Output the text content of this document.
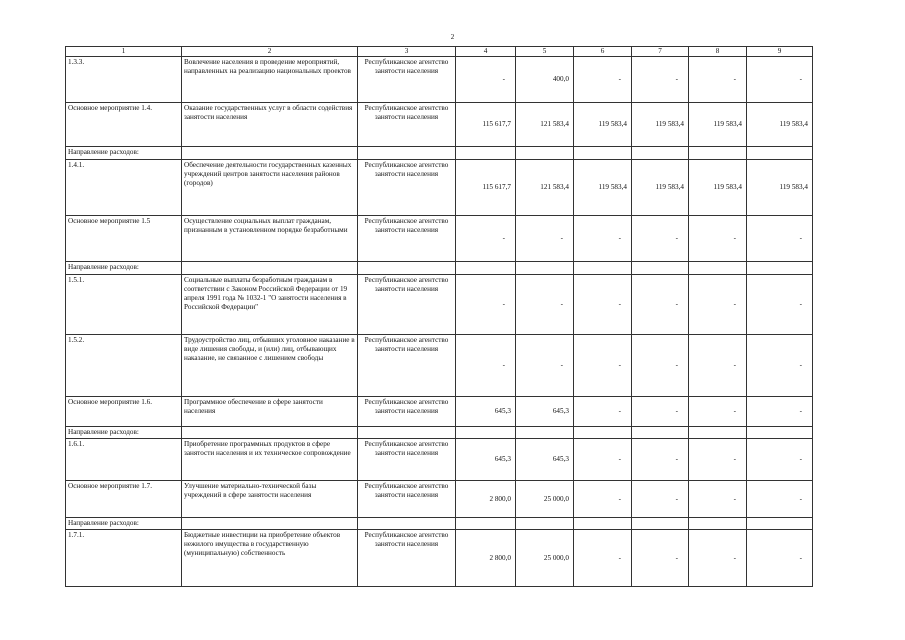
2
1	2	3	4	5	6	7	8	9
1.3.3.	Вовлечение населения в проведение мероприятий, направленных на реализацию национальных проектов	Республиканское агентство занятости населения	-	400,0	-	-	-	-
Основное мероприятие 1.4.	Оказание государственных услуг в области содействия занятости населения	Республиканское агентство занятости населения	115 617,7	121 583,4	119 583,4	119 583,4	119 583,4	119 583,4
Направление расходов:								
1.4.1.	Обеспечение деятельности государственных казенных учреждений центров занятости населения районов (городов)	Республиканское агентство занятости населения	115 617,7	121 583,4	119 583,4	119 583,4	119 583,4	119 583,4
Основное мероприятие 1.5	Осуществление социальных выплат гражданам, признанным в установленном порядке безработными	Республиканское агентство занятости населения	-	-	-	-	-	-
Направление расходов:								
1.5.1.	Социальные выплаты безработным гражданам в соответствии с Законом Российской Федерации от 19 апреля 1991 года № 1032-1 "О занятости населения в Российской Федерации"	Республиканское агентство занятости населения	-	-	-	-	-	-
1.5.2.	Трудоустройство лиц, отбывших уголовное наказание в виде лишения свободы, и (или) лиц, отбывающих наказание, не связанное с лишением свободы	Республиканское агентство занятости населения	-	-	-	-	-	-
Основное мероприятие 1.6.	Программное обеспечение в сфере занятости населения	Республиканское агентство занятости населения	645,3	645,3	-	-	-	-
Направление расходов:								
1.6.1.	Приобретение программных продуктов в сфере занятости населения и их техническое сопровождение	Республиканское агентство занятости населения	645,3	645,3	-	-	-	-
Основное мероприятие 1.7.	Улучшение материально-технической базы учреждений в сфере занятости населения	Республиканское агентство занятости населения	2 800,0	25 000,0	-	-	-	-
Направление расходов:								
1.7.1.	Бюджетные инвестиции на приобретение объектов нежилого имущества в государственную (муниципальную) собственность	Республиканское агентство занятости населения	2 800,0	25 000,0	-	-	-	-
